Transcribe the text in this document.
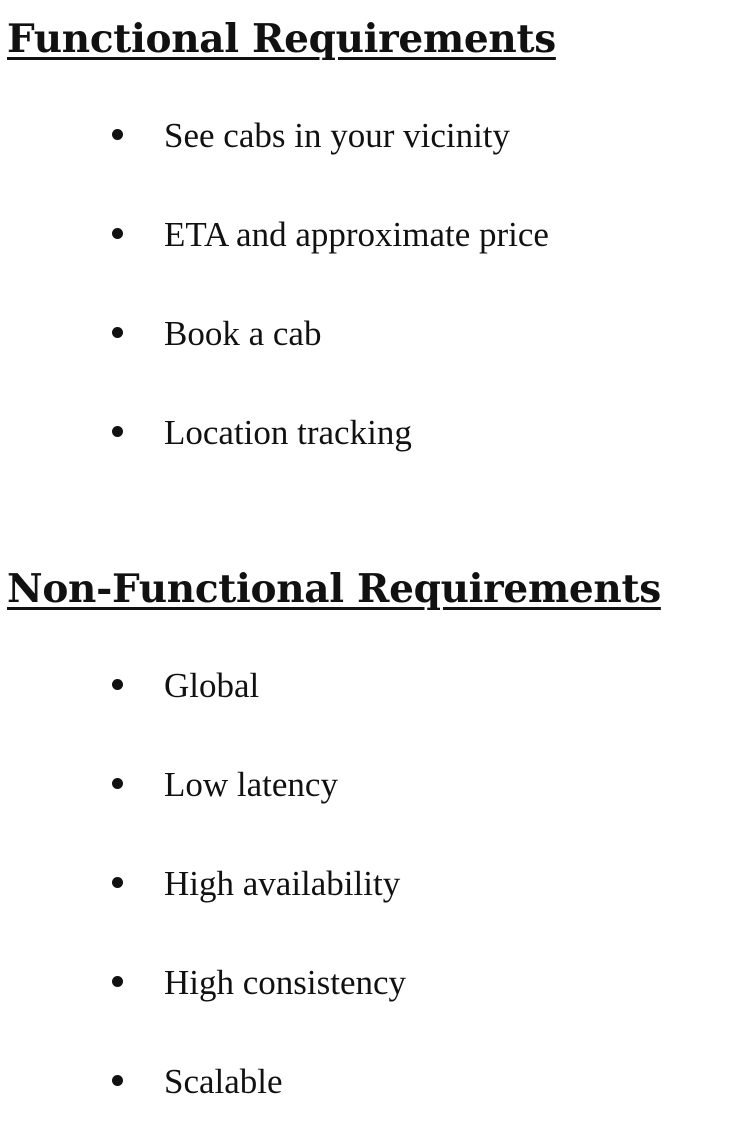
Functional Requirements
See cabs in your vicinity
ETA and approximate price
Book a cab
Location tracking
Non-Functional Requirements
Global
Low latency
High availability
High consistency
Scalable
